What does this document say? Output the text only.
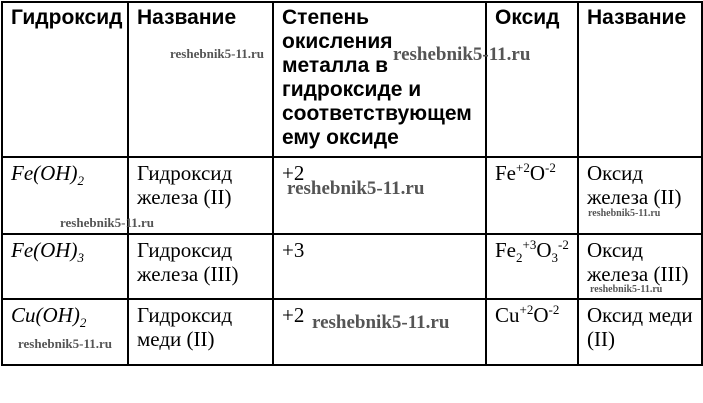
Гидроксид	Название	Степень окисления металла в гидроксиде и соответствующем ему оксиде	Оксид	Название
$Fe(OH)_2$	Гидроксид железа (II)	+2	$Fe^{+2}O^{-2}$	Оксид железа (II)
$Fe(OH)_3$	Гидроксид железа (III)	+3	$Fe_2^{+3}O_3^{-2}$	Оксид железа (III)
$Cu(OH)_2$	Гидроксид меди (II)	+2	$Cu^{+2}O^{-2}$	Оксид меди (II)
reshebnik5-11.ru	reshebnik5-11.ru
reshebnik5-11.ru
reshebnik5-11.ru
reshebnik5-11.ru
reshebnik5-11.ru
reshebnik5-11.ru
reshebnik5-11.ru
